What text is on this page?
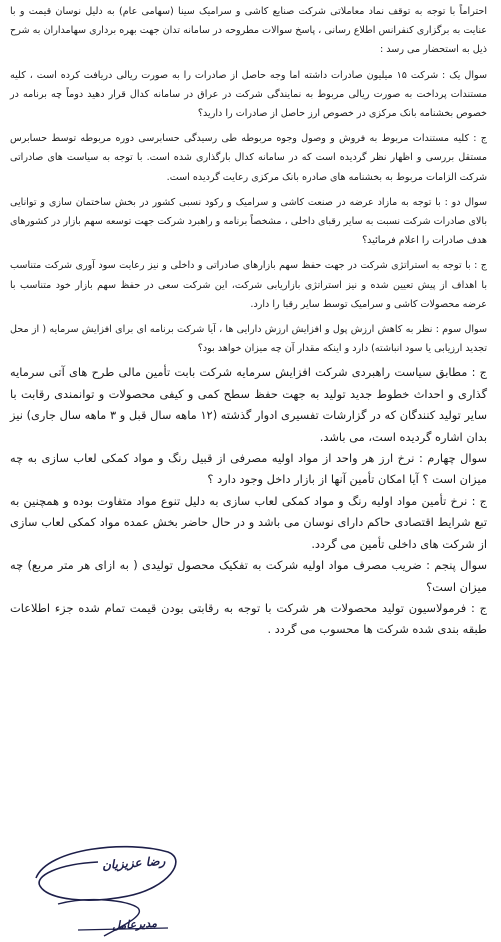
احتراماً با توجه به توقف نماد معاملاتی شرکت صنایع کاشی و سرامیک سینا (سهامی عام) به دلیل نوسان قیمت و با عنایت به برگزاری کنفرانس اطلاع رسانی ، پاسخ سوالات مطروحه در سامانه تدان جهت بهره برداری سهامداران به شرح ذیل به استحضار می رسد :

سوال یک : شرکت ۱۵ میلیون صادرات داشته اما وجه حاصل از صادرات را به صورت ریالی دریافت کرده است ، کلیه مستندات پرداخت به صورت ریالی مربوط به نمایندگی شرکت در عراق در سامانه کدال قرار دهید دوماً چه برنامه در خصوص بخشنامه بانک مرکزی در خصوص ارز حاصل از صادرات را دارید؟

ج : کلیه مستندات مربوط به فروش و وصول وجوه مربوطه طی رسیدگی حسابرسی دوره مربوطه توسط حسابرس مستقل بررسی و اظهار نظر گردیده است که در سامانه کدال بارگذاری شده است. با توجه به سیاست های صادراتی شرکت الزامات مربوط به بخشنامه های صادره بانک مرکزی رعایت گردیده است.

سوال دو : با توجه به مازاد عرضه در صنعت کاشی و سرامیک و رکود نسبی کشور در بخش ساختمان سازی و توانایی بالای صادرات شرکت نسبت به سایر رقبای داخلی ، مشخصاً برنامه و راهبرد شرکت جهت توسعه سهم بازار در کشورهای هدف صادرات را اعلام فرمائید؟

ج : با توجه به استراتژی شرکت در جهت حفظ سهم بازارهای صادراتی و داخلی و نیز رعایت سود آوری شرکت متناسب با اهداف از پیش تعیین شده و نیز استراتژی بازاریابی شرکت، این شرکت سعی در حفظ سهم بازار خود متناسب با عرضه محصولات کاشی و سرامیک توسط سایر رقبا را دارد.

سوال سوم : نظر به کاهش ارزش پول و افزایش ارزش دارایی ها ، آیا شرکت برنامه ای برای افزایش سرمایه ( از محل تجدید ارزیابی یا سود انباشته) دارد و اینکه مقدار آن چه میزان خواهد بود؟

ج : مطابق سیاست راهبردی شرکت افزایش سرمایه شرکت بابت تأمین مالی طرح های آتی سرمایه گذاری و احداث خطوط جدید تولید به جهت حفظ سطح کمی و کیفی محصولات و توانمندی رقابت با سایر تولید کنندگان که در گزارشات تفسیری ادوار گذشته (۱۲ ماهه سال قبل و ۳ ماهه سال جاری) نیز بدان اشاره گردیده است، می باشد.

سوال چهارم : نرخ ارز هر واحد از مواد اولیه مصرفی از قبیل رنگ و مواد کمکی لعاب سازی به چه میزان است ؟ آیا امکان تأمین آنها از بازار داخل وجود دارد ؟

ج : نرخ تأمین مواد اولیه رنگ و مواد کمکی لعاب سازی به دلیل تنوع مواد متفاوت بوده و همچنین به تبع شرایط اقتصادی حاکم دارای نوسان می باشد و در حال حاضر بخش عمده مواد کمکی لعاب سازی از شرکت های داخلی تأمین می گردد.

سوال پنجم : ضریب مصرف مواد اولیه شرکت به تفکیک محصول تولیدی ( به ازای هر متر مربع) چه میزان است؟

ج : فرمولاسیون تولید محصولات هر شرکت با توجه به رقابتی بودن قیمت تمام شده جزء اطلاعات طبقه بندی شده شرکت ها محسوب می گردد .

رضا عزیزیان
مدیرعامل
